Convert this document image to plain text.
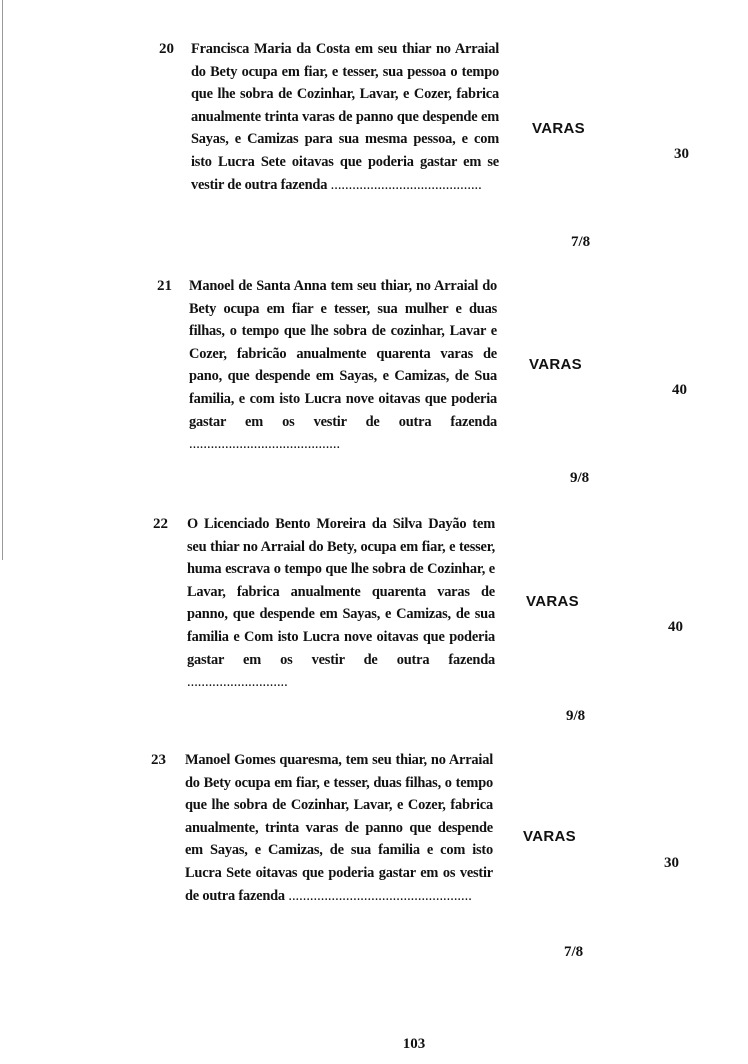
20 Francisca Maria da Costa em seu thiar no Arraial do Bety ocupa em fiar, e tesser, sua pessoa o tempo que lhe sobra de Cozinhar, Lavar, e Cozer, fabrica anualmente trinta varas de panno que despende em Sayas, e Camizas para sua mesma pessoa, e com isto Lucra Sete oitavas que poderia gastar em se vestir de outra fazenda ..........................................
VARAS
30
7/8
21 Manoel de Santa Anna tem seu thiar, no Arraial do Bety ocupa em fiar e tesser, sua mulher e duas filhas, o tempo que lhe sobra de cozinhar, Lavar e Cozer, fabricão anualmente quarenta varas de pano, que despende em Sayas, e Camizas, de Sua familia, e com isto Lucra nove oitavas que poderia gastar em os vestir de outra fazenda ..........................................
VARAS
40
9/8
22 O Licenciado Bento Moreira da Silva Dayão tem seu thiar no Arraial do Bety, ocupa em fiar, e tesser, huma escrava o tempo que lhe sobra de Cozinhar, e Lavar, fabrica anualmente quarenta varas de panno, que despende em Sayas, e Camizas, de sua familia e Com isto Lucra nove oitavas que poderia gastar em os vestir de outra fazenda ............................
VARAS
40
9/8
23 Manoel Gomes quaresma, tem seu thiar, no Arraial do Bety ocupa em fiar, e tesser, duas filhas, o tempo que lhe sobra de Cozinhar, Lavar, e Cozer, fabrica anualmente, trinta varas de panno que despende em Sayas, e Camizas, de sua familia e com isto Lucra Sete oitavas que poderia gastar em os vestir de outra fazenda ...................................................
VARAS
30
7/8
103
